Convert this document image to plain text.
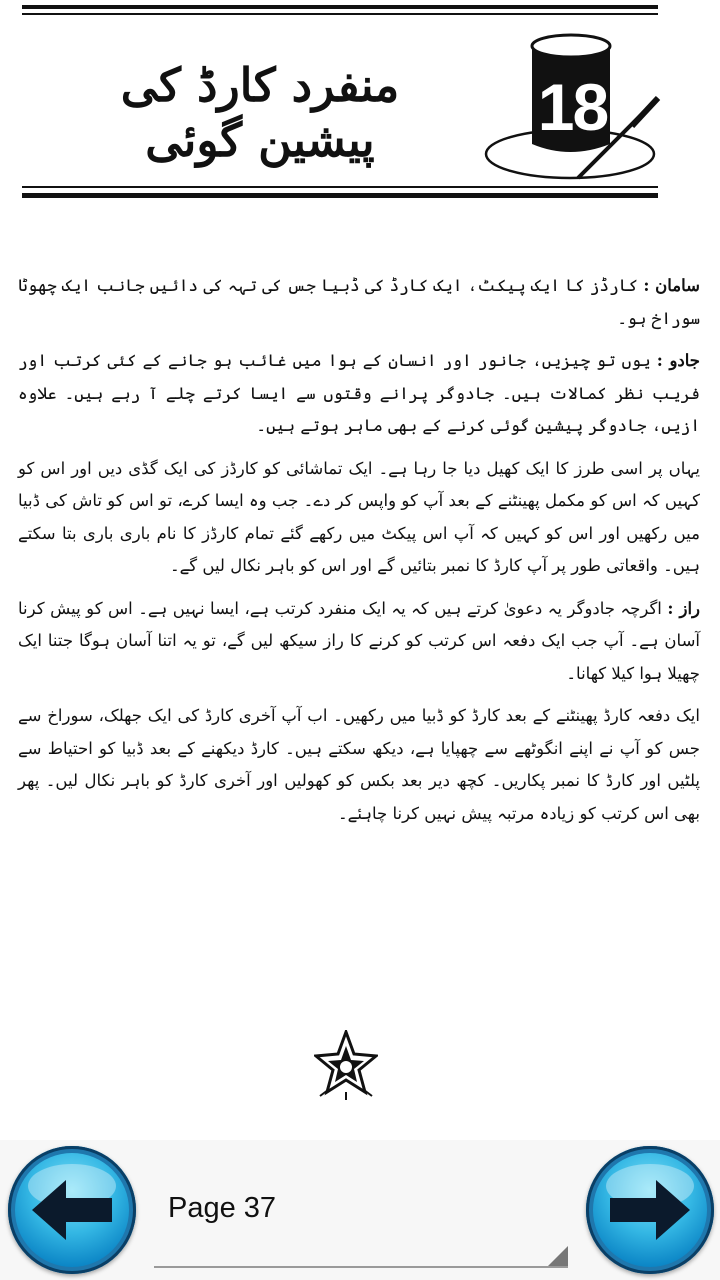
18
منفرد کارڈ کی پیشین گوئی

سامان : کارڈز کا ایک پیکٹ، ایک کارڈ کی ڈبیا جس کی تہہ کی دائیں جانب ایک چھوٹا سوراخ ہو۔

جادو : یوں تو چیزیں، جانور اور انسان کے ہوا میں غائب ہو جانے کے کئی کرتب اور فریب نظر کمالات ہیں۔ جادوگر پرانے وقتوں سے ایسا کرتے چلے آ رہے ہیں۔ علاوہ ازیں، جادوگر پیشین گوئی کرنے کے بھی ماہر ہوتے ہیں۔

یہاں پر اسی طرز کا ایک کھیل دیا جا رہا ہے۔ ایک تماشائی کو کارڈز کی ایک گڈی دیں اور اس کو کہیں کہ اس کو مکمل پھینٹنے کے بعد آپ کو واپس کر دے۔ جب وہ ایسا کرے، تو اس کو تاش کی ڈبیا میں رکھیں اور اس کو کہیں کہ آپ اس پیکٹ میں رکھے گئے تمام کارڈز کا نام باری باری بتا سکتے ہیں۔ واقعاتی طور پر آپ کارڈ کا نمبر بتائیں گے اور اس کو باہر نکال لیں گے۔

راز : اگرچہ جادوگر یہ دعویٰ کرتے ہیں کہ یہ ایک منفرد کرتب ہے، ایسا نہیں ہے۔ اس کو پیش کرنا آسان ہے۔ آپ جب ایک دفعہ اس کرتب کو کرنے کا راز سیکھ لیں گے، تو یہ اتنا آسان ہوگا جتنا ایک چھیلا ہوا کیلا کھانا۔

ایک دفعہ کارڈ پھینٹنے کے بعد کارڈ کو ڈبیا میں رکھیں۔ اب آپ آخری کارڈ کی ایک جھلک، سوراخ سے جس کو آپ نے اپنے انگوٹھے سے چھپایا ہے، دیکھ سکتے ہیں۔ کارڈ دیکھنے کے بعد ڈبیا کو احتیاط سے پلٹیں اور کارڈ کا نمبر پکاریں۔ کچھ دیر بعد بکس کو کھولیں اور آخری کارڈ کو باہر نکال لیں۔ پھر بھی اس کرتب کو زیادہ مرتبہ پیش نہیں کرنا چاہئے۔

Page 37
